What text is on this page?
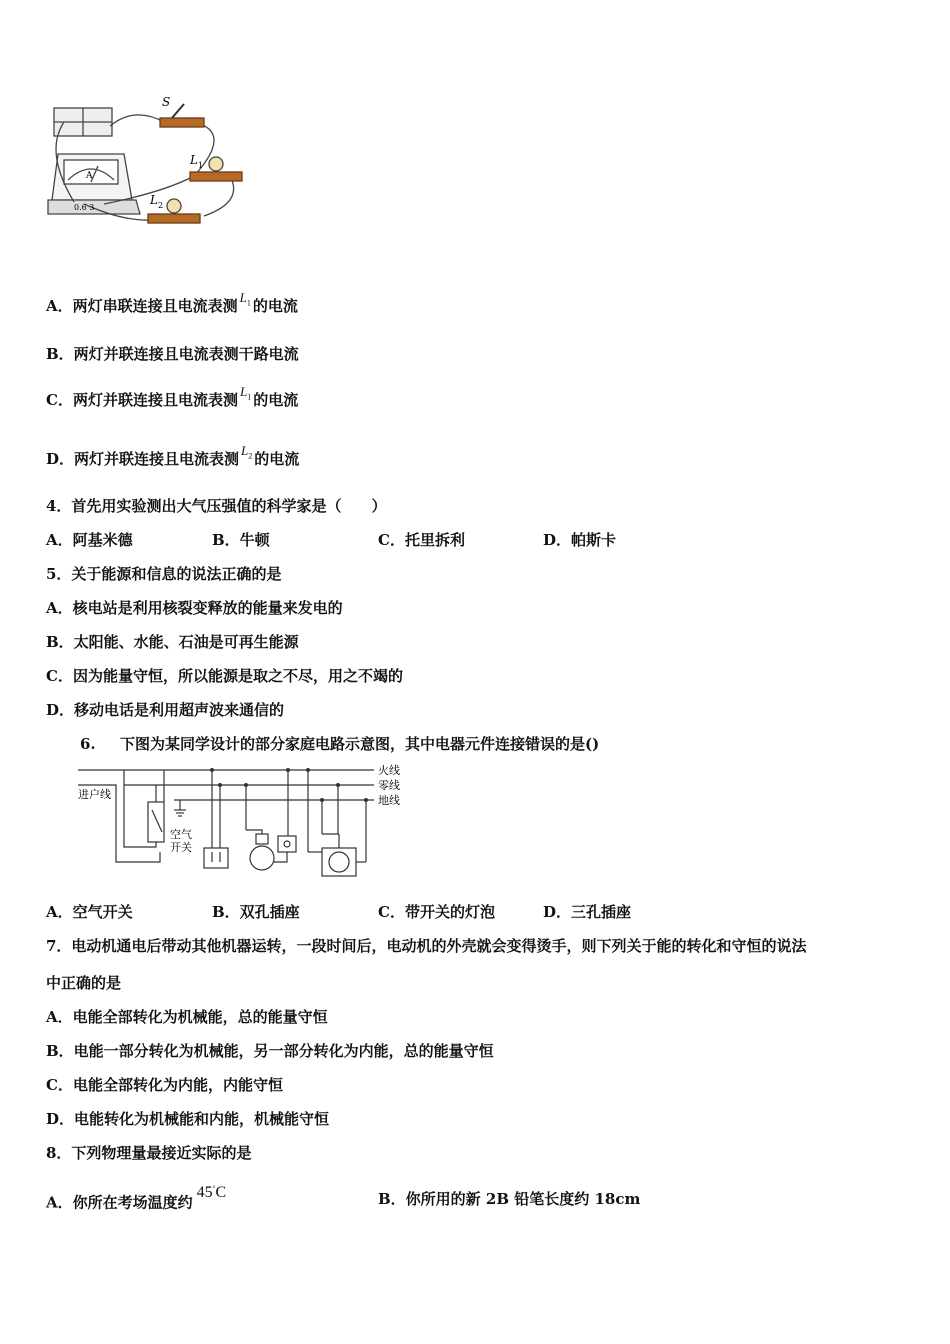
S
L 1
L 2
A
0.6 3
A．两灯串联连接且电流表测 $L_1$ 的电流
B．两灯并联连接且电流表测干路电流
C．两灯并联连接且电流表测 $L_1$ 的电流
D．两灯并联连接且电流表测 $L_2$ 的电流
4．首先用实验测出大气压强值的科学家是（　　）
A．阿基米德	B．牛顿	C．托里拆利	D．帕斯卡
5．关于能源和信息的说法正确的是
A．核电站是利用核裂变释放的能量来发电的
B．太阳能、水能、石油是可再生能源
C．因为能量守恒，所以能源是取之不尽，用之不竭的
D．移动电话是利用超声波来通信的
6. 下图为某同学设计的部分家庭电路示意图，其中电器元件连接错误的是()
火线
零线
地线
进户线
空气
开关
A．空气开关	B．双孔插座	C．带开关的灯泡	D．三孔插座
7．电动机通电后带动其他机器运转，一段时间后，电动机的外壳就会变得烫手，则下列关于能的转化和守恒的说法
中正确的是
A．电能全部转化为机械能，总的能量守恒
B．电能一部分转化为机械能，另一部分转化为内能，总的能量守恒
C．电能全部转化为内能，内能守恒
D．电能转化为机械能和内能，机械能守恒
8．下列物理量最接近实际的是
A．你所在考场温度约45°C	B．你所用的新 2B 铅笔长度约 18cm
